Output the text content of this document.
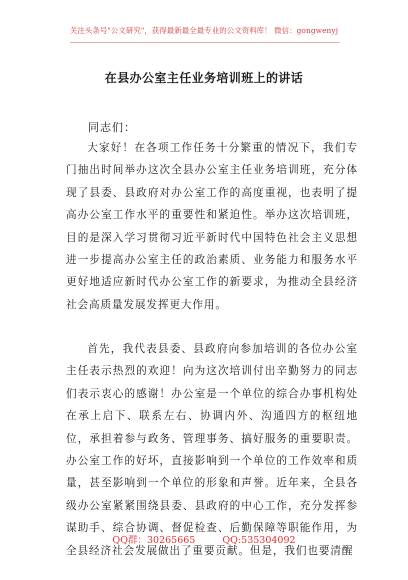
关注头条号"公文研究"，获得最新最全最专业的公文资料库！ 微信：gongwenyj
在县办公室主任业务培训班上的讲话
同志们：

大家好！在各项工作任务十分繁重的情况下，我们专门抽出时间举办这次全县办公室主任业务培训班，充分体现了县委、县政府对办公室工作的高度重视，也表明了提高办公室工作水平的重要性和紧迫性。举办这次培训班，目的是深入学习贯彻习近平新时代中国特色社会主义思想进一步提高办公室主任的政治素质、业务能力和服务水平更好地适应新时代办公室工作的新要求，为推动全县经济社会高质量发展发挥更大作用。

首先，我代表县委、县政府向参加培训的各位办公室主任表示热烈的欢迎！向为这次培训付出辛勤努力的同志们表示衷心的感谢！办公室是一个单位的综合办事机构处在承上启下、联系左右、协调内外、沟通四方的枢纽地位，承担着参与政务、管理事务、搞好服务的重要职责。办公室工作的好坏，直接影响到一个单位的工作效率和质量，甚至影响到一个单位的形象和声誉。近年来，全县各级办公室紧紧围绕县委、县政府的中心工作，充分发挥参谋助手、综合协调、督促检查、后勤保障等职能作用，为全县经济社会发展做出了重要贡献。但是，我们也要清醒

QQ群：30265665	QQ:535304092
